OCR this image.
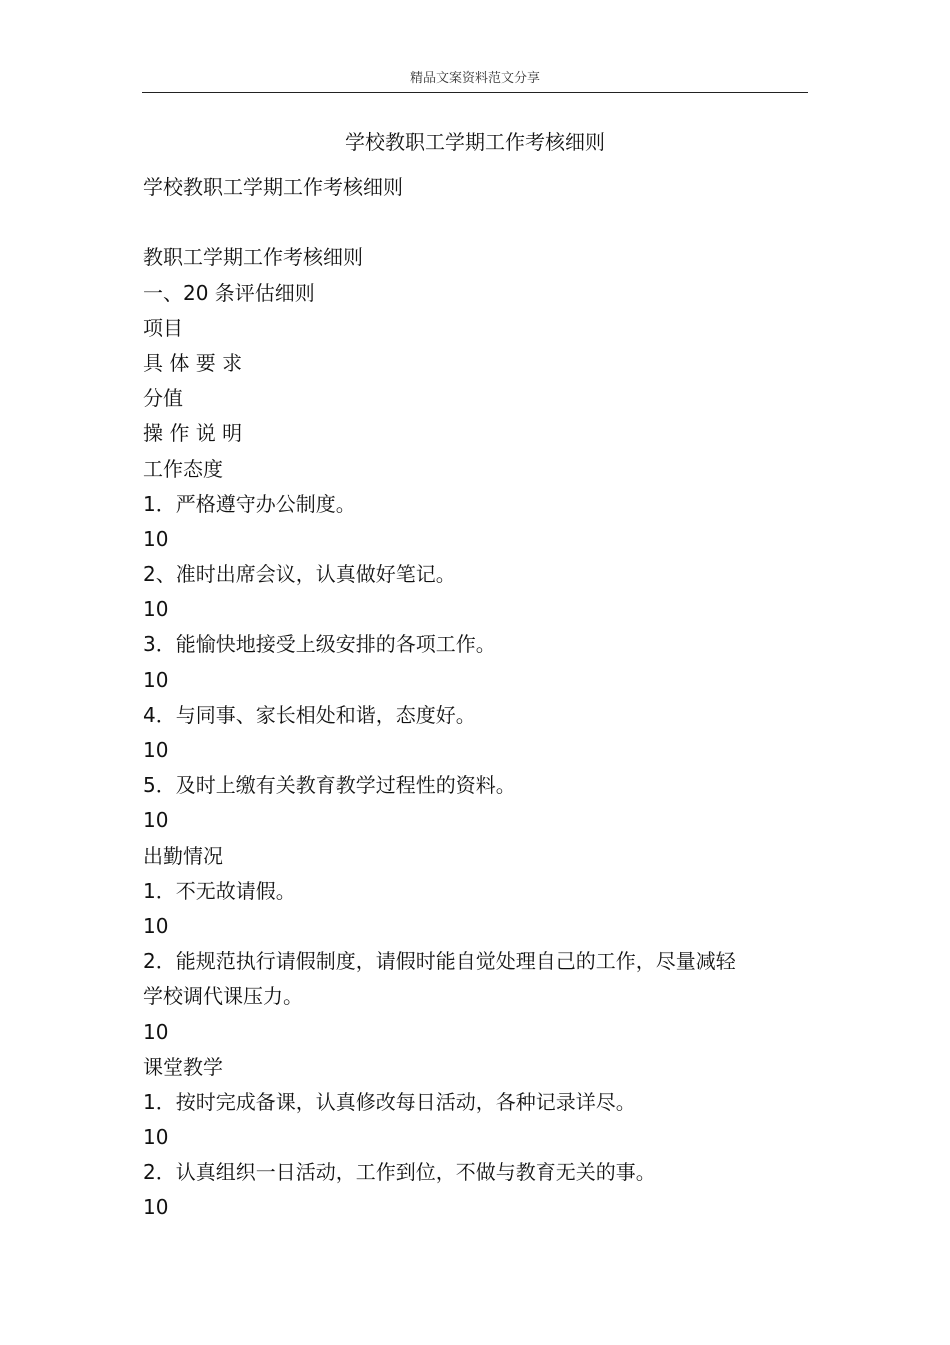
精品文案资料范文分享
学校教职工学期工作考核细则
学校教职工学期工作考核细则
教职工学期工作考核细则
一、20 条评估细则
项目
具 体 要 求
分值
操 作 说 明
工作态度
1．严格遵守办公制度。
10
2、准时出席会议，认真做好笔记。
10
3．能愉快地接受上级安排的各项工作。
10
4．与同事、家长相处和谐，态度好。
10
5．及时上缴有关教育教学过程性的资料。
10
出勤情况
1．不无故请假。
10
2．能规范执行请假制度，请假时能自觉处理自己的工作，尽量减轻
学校调代课压力。
10
课堂教学
1．按时完成备课，认真修改每日活动，各种记录详尽。
10
2．认真组织一日活动，工作到位，不做与教育无关的事。
10
